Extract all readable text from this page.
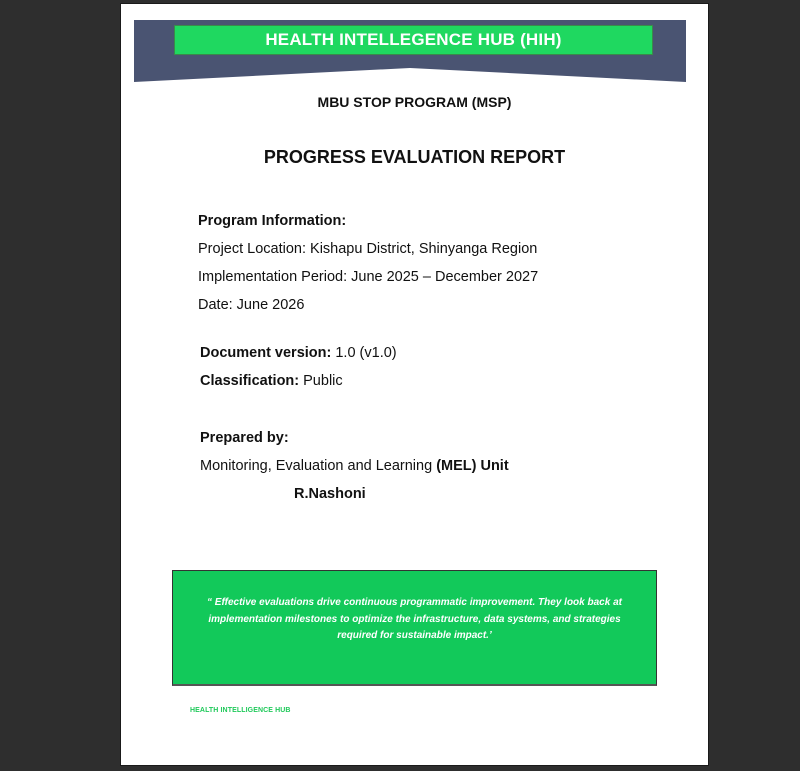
HEALTH INTELLEGENCE HUB (HIH)
MBU STOP PROGRAM (MSP)
PROGRESS EVALUATION REPORT
Program Information:
Project Location: Kishapu District, Shinyanga Region
Implementation Period: June 2025 – December 2027
Date: June 2026
Document version: 1.0 (v1.0)
Classification: Public
Prepared by:
Monitoring, Evaluation and Learning (MEL) Unit
R.Nashoni
“ Effective evaluations drive continuous programmatic improvement. They look back at implementation milestones to optimize the infrastructure, data systems, and strategies required for sustainable impact.’
HEALTH INTELLIGENCE HUB
